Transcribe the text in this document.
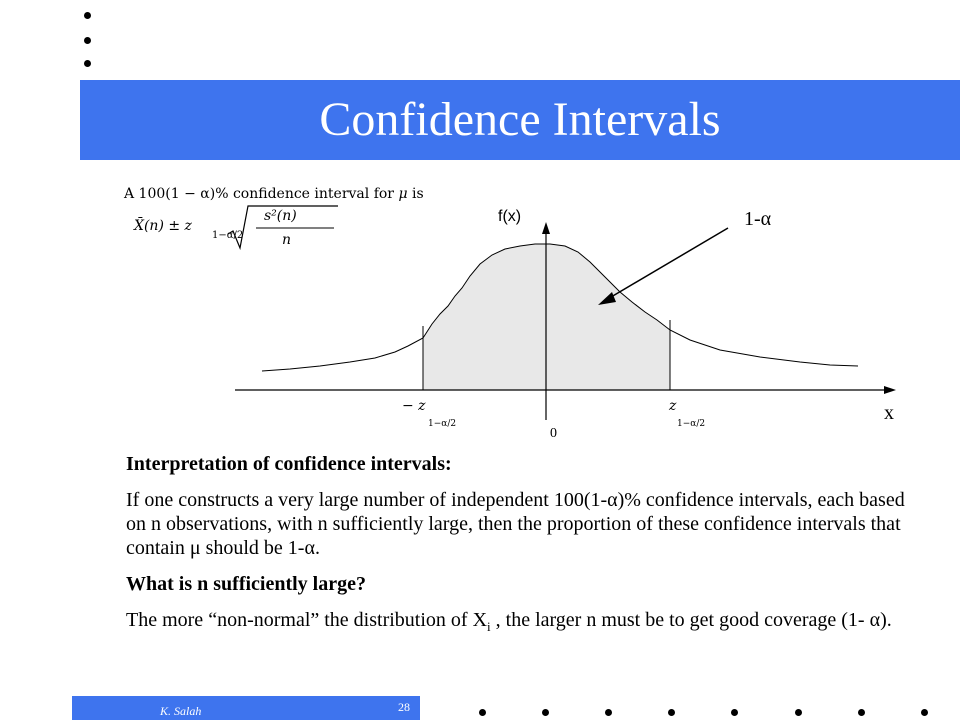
Confidence Intervals
A 100(1 − α)% confidence interval for μ is
X̄(n) ± z
1−α/2
s²(n)
n
f(x)
x
0
1-α
− z
1−α/2
z
1−α/2

Interpretation of confidence intervals:

If one constructs a very large number of independent 100(1-α)% confidence intervals, each based on n observations, with n sufficiently large, then the proportion of these confidence intervals that contain μ should be 1-α.

What is n sufficiently large?

The more “non-normal” the distribution of $X_i$ , the larger n must be to get good coverage (1- α).

K. Salah	28
